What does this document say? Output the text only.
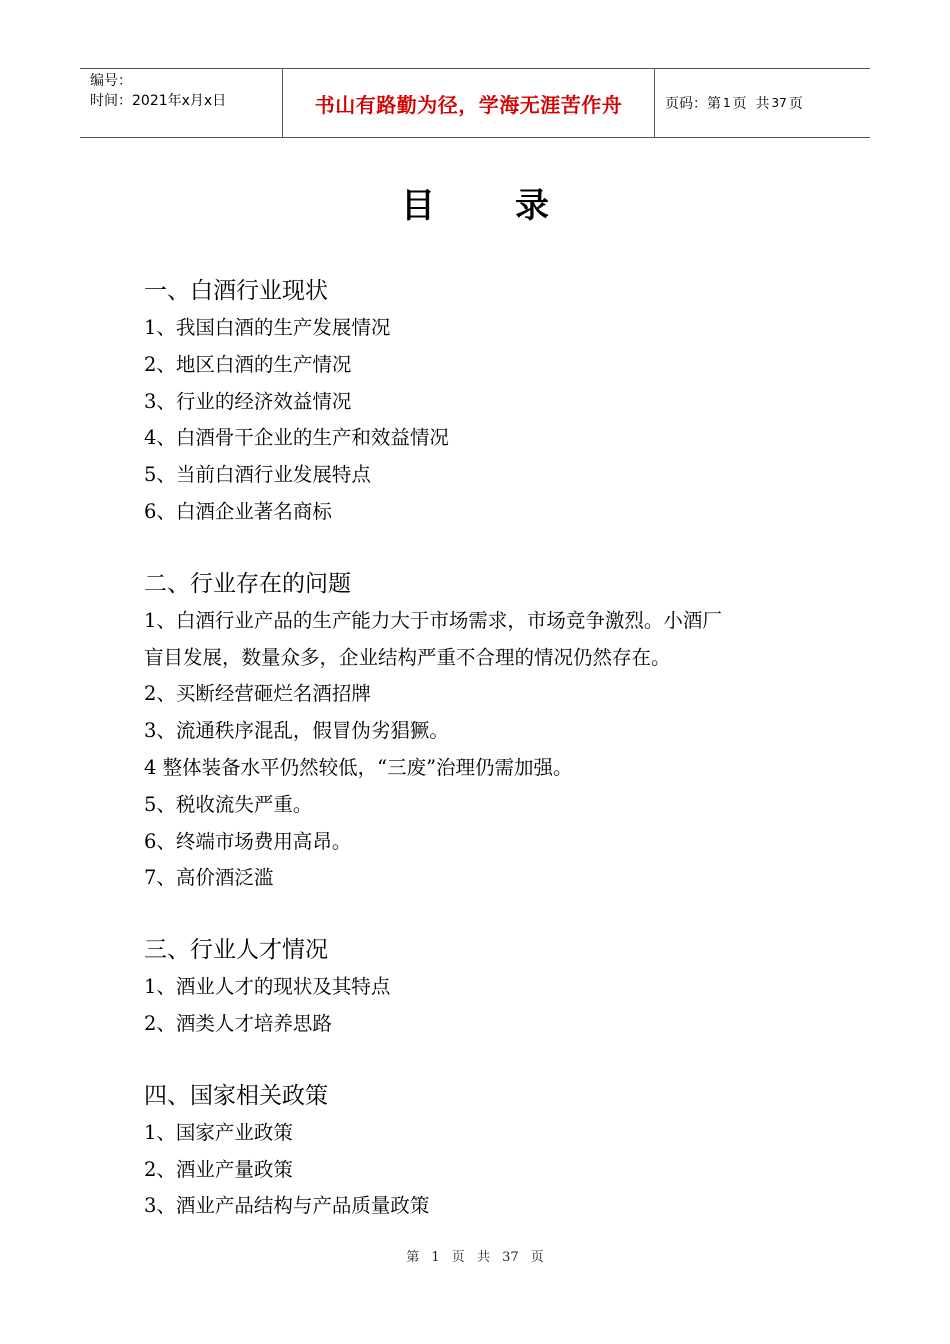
编号：
时间：2021年x月x日	书山有路勤为径，学海无涯苦作舟	页码：第 1 页  共 37 页
目 录
一、白酒行业现状
1、我国白酒的生产发展情况
2、地区白酒的生产情况
3、行业的经济效益情况
4、白酒骨干企业的生产和效益情况
5、当前白酒行业发展特点
6、白酒企业著名商标
二、行业存在的问题
1、白酒行业产品的生产能力大于市场需求，市场竞争激烈。小酒厂
盲目发展，数量众多，企业结构严重不合理的情况仍然存在。
2、买断经营砸烂名酒招牌
3、流通秩序混乱，假冒伪劣猖獗。
4 整体装备水平仍然较低，“三废”治理仍需加强。
5、税收流失严重。
6、终端市场费用高昂。
7、高价酒泛滥
三、行业人才情况
1、酒业人才的现状及其特点
2、酒类人才培养思路
四、国家相关政策
1、国家产业政策
2、酒业产量政策
3、酒业产品结构与产品质量政策
第 1 页 共 37 页
